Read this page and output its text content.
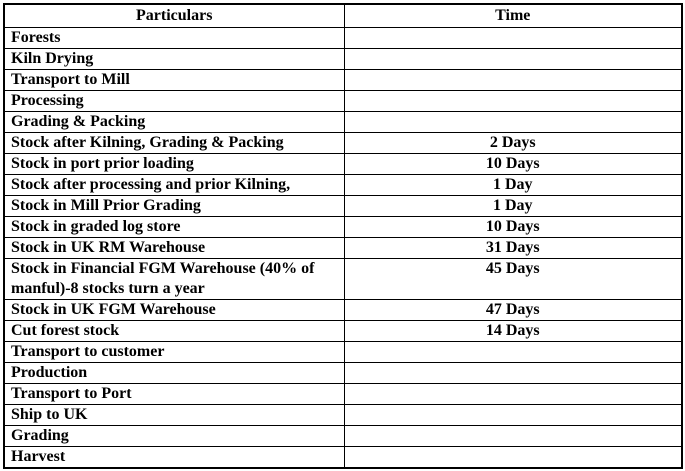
Particulars	Time
Forests	
Kiln Drying	
Transport to Mill	
Processing	
Grading & Packing	
Stock after Kilning, Grading & Packing	2 Days
Stock in port prior loading	10 Days
Stock after processing and prior Kilning,	1 Day
Stock in Mill Prior Grading	1 Day
Stock in graded log store	10 Days
Stock in UK RM Warehouse	31 Days
Stock in Financial FGM Warehouse (40% of manful)-8 stocks turn a year	45 Days
Stock in UK FGM Warehouse	47 Days
Cut forest stock	14 Days
Transport to customer	
Production	
Transport to Port	
Ship to UK	
Grading	
Harvest	
